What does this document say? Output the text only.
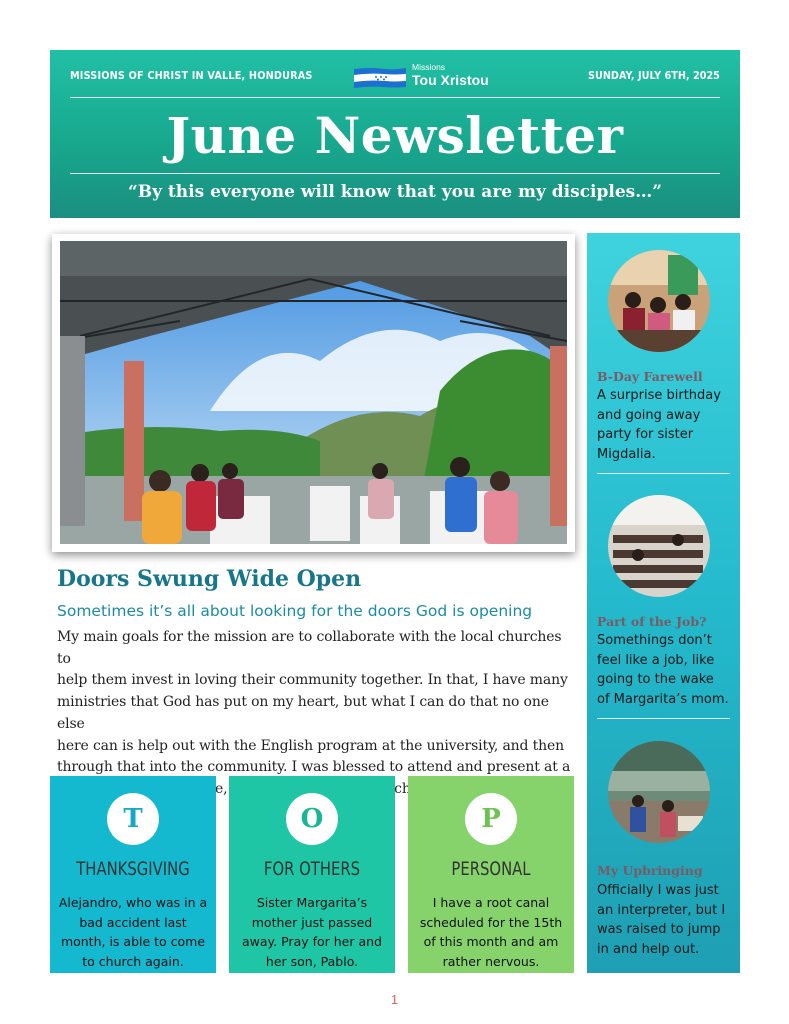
MISSIONS OF CHRIST IN VALLE, HONDURAS
Missions
Tou Xristou	SUNDAY, JULY 6TH, 2025
June Newsletter
“By this everyone will know that you are my disciples…”
Doors Swung Wide Open
Sometimes it’s all about looking for the doors God is opening
My main goals for the mission are to collaborate with the local churches to
help them invest in loving their community together. In that, I have many
ministries that God has put on my heart, but what I can do that no one else
here can is help out with the English program at the university, and then
through that into the community. I was blessed to attend and present at a
teachers
T
THANKSGIVING
Alejandro, who was in a
bad accident last
month, is able to come
to church again.
O
FOR OTHERS
Sister Margarita’s
mother just passed
away. Pray for her and
her son, Pablo.
P
PERSONAL
I have a root canal
scheduled for the 15th
of this month and am
rather nervous.
B-Day Farewell
A surprise birthday
and going away
party for sister
Migdalia.
Part of the Job?
Somethings don’t
feel like a job, like
going to the wake
of Margarita’s mom.
My Upbringing
Officially I was just
an interpreter, but I
was raised to jump
in and help out.
1
